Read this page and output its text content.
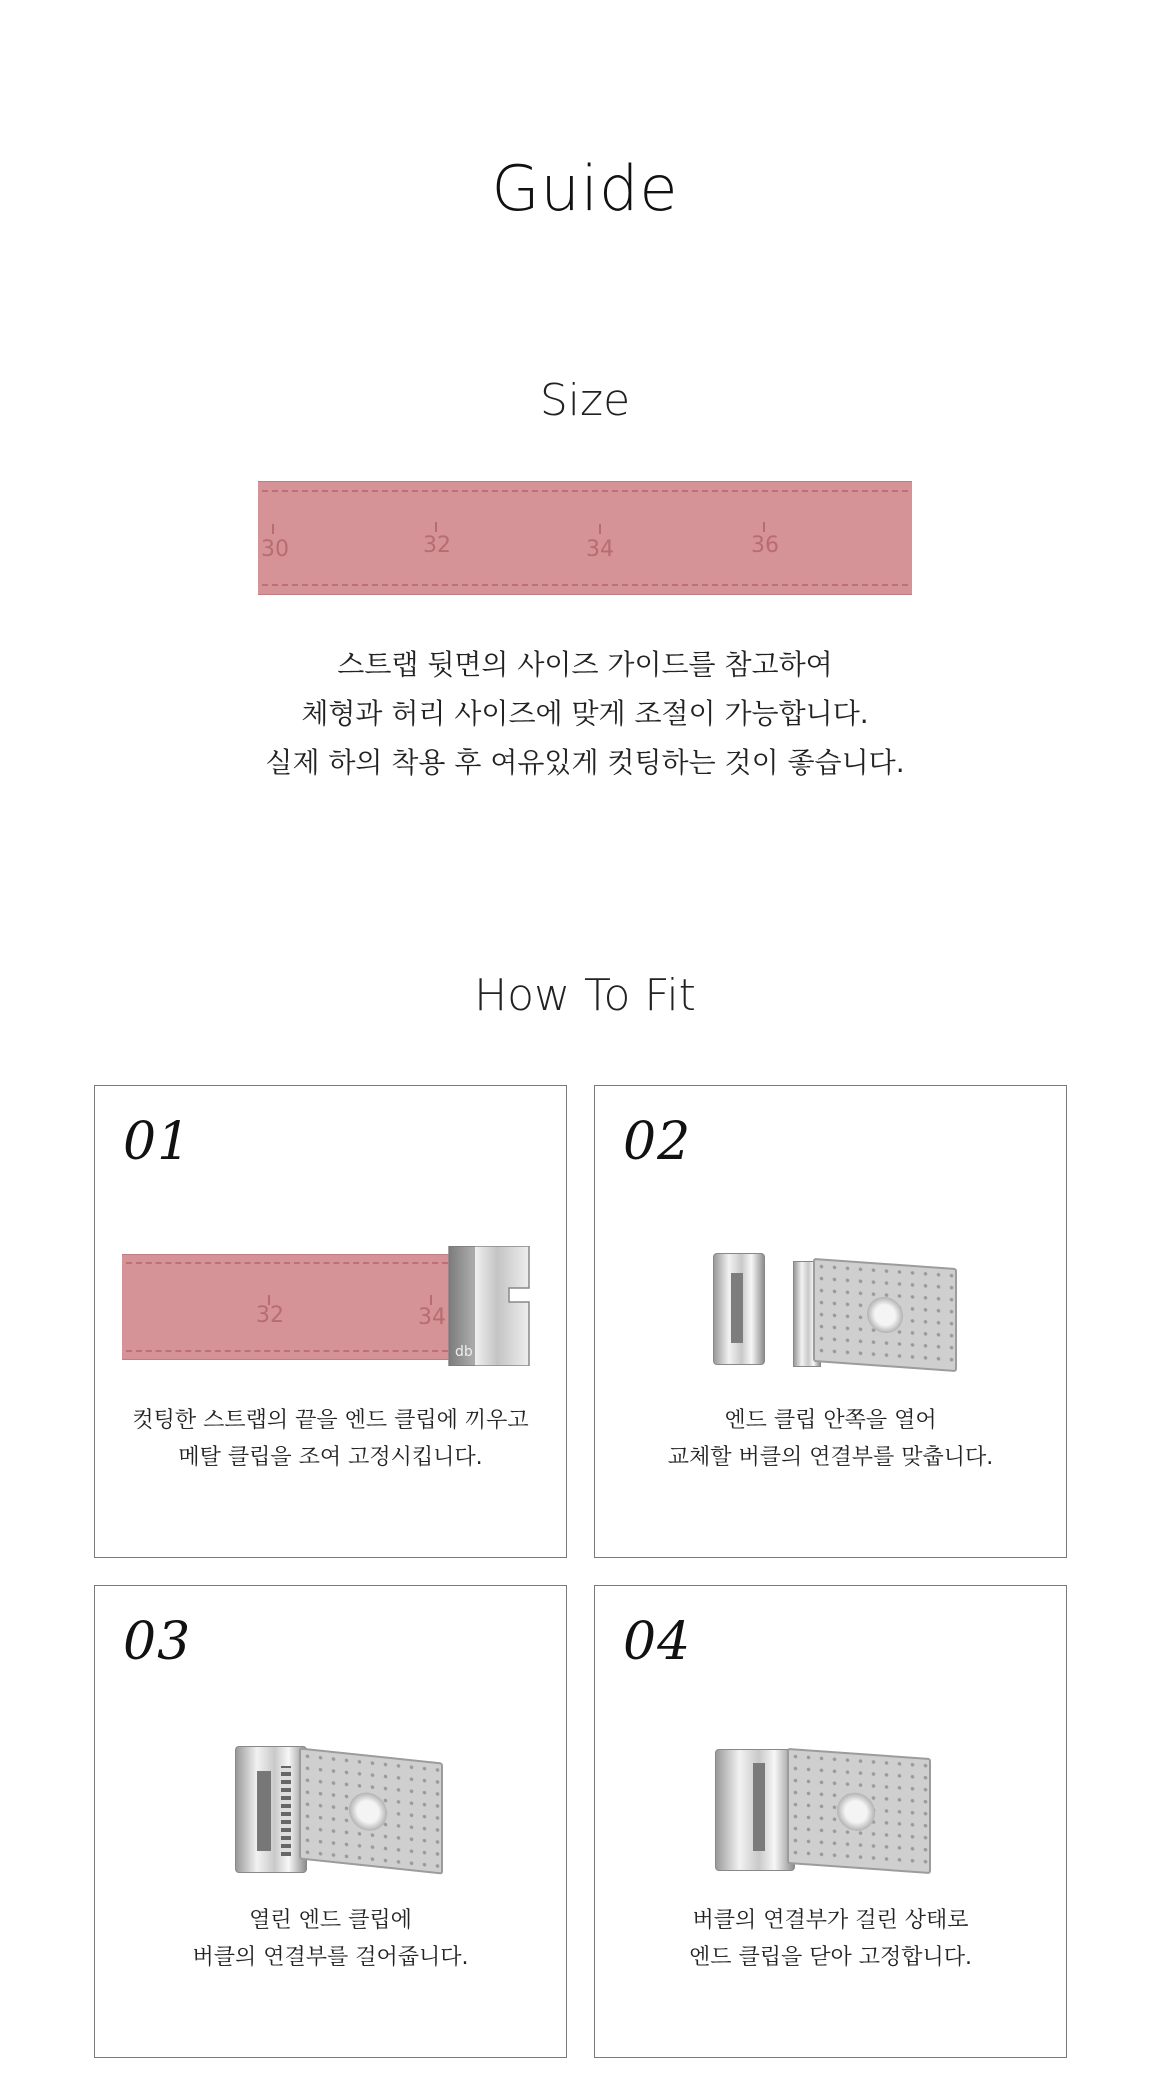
Guide
Size
30	32	34	36
스트랩 뒷면의 사이즈 가이드를 참고하여
체형과 허리 사이즈에 맞게 조절이 가능합니다.
실제 하의 착용 후 여유있게 컷팅하는 것이 좋습니다.
How To Fit
01
32	34
db
컷팅한 스트랩의 끝을 엔드 클립에 끼우고
메탈 클립을 조여 고정시킵니다.
02
엔드 클립 안쪽을 열어
교체할 버클의 연결부를 맞춥니다.
03
열린 엔드 클립에
버클의 연결부를 걸어줍니다.
04
버클의 연결부가 걸린 상태로
엔드 클립을 닫아 고정합니다.
